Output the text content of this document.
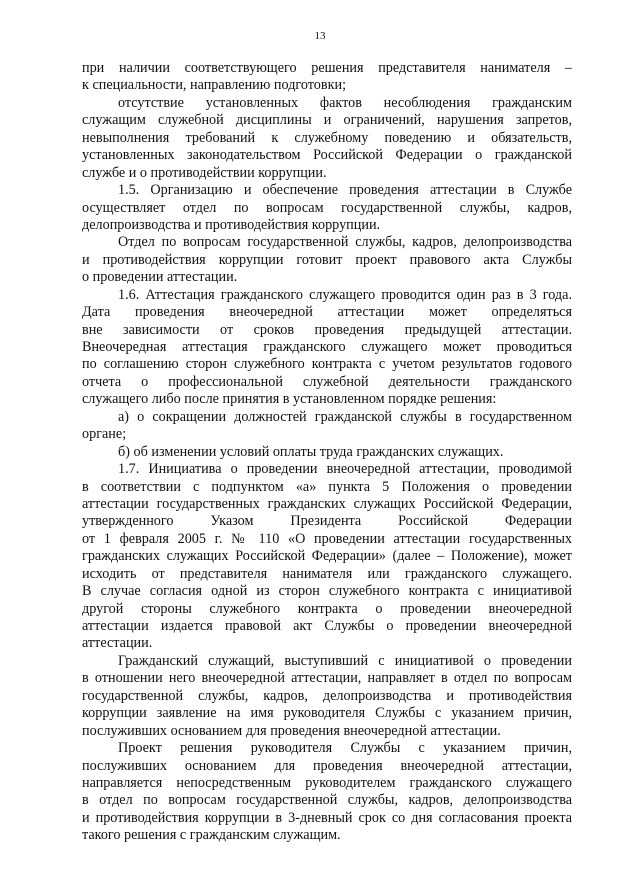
13
при наличии соответствующего решения представителя нанимателя –
к специальности, направлению подготовки;
отсутствие установленных фактов несоблюдения гражданским
служащим служебной дисциплины и ограничений, нарушения запретов,
невыполнения требований к служебному поведению и обязательств,
установленных законодательством Российской Федерации о гражданской
службе и о противодействии коррупции.
1.5. Организацию и обеспечение проведения аттестации в Службе
осуществляет отдел по вопросам государственной службы, кадров,
делопроизводства и противодействия коррупции.
Отдел по вопросам государственной службы, кадров, делопроизводства
и противодействия коррупции готовит проект правового акта Службы
о проведении аттестации.
1.6. Аттестация гражданского служащего проводится один раз в 3 года.
Дата проведения внеочередной аттестации может определяться
вне зависимости от сроков проведения предыдущей аттестации.
Внеочередная аттестация гражданского служащего может проводиться
по соглашению сторон служебного контракта с учетом результатов годового
отчета о профессиональной служебной деятельности гражданского
служащего либо после принятия в установленном порядке решения:
а) о сокращении должностей гражданской службы в государственном
органе;
б) об изменении условий оплаты труда гражданских служащих.
1.7. Инициатива о проведении внеочередной аттестации, проводимой
в соответствии с подпунктом «а» пункта 5 Положения о проведении
аттестации государственных гражданских служащих Российской Федерации,
утвержденного Указом Президента Российской Федерации
от 1 февраля 2005 г. № 110 «О проведении аттестации государственных
гражданских служащих Российской Федерации» (далее – Положение), может
исходить от представителя нанимателя или гражданского служащего.
В случае согласия одной из сторон служебного контракта с инициативой
другой стороны служебного контракта о проведении внеочередной
аттестации издается правовой акт Службы о проведении внеочередной
аттестации.
Гражданский служащий, выступивший с инициативой о проведении
в отношении него внеочередной аттестации, направляет в отдел по вопросам
государственной службы, кадров, делопроизводства и противодействия
коррупции заявление на имя руководителя Службы с указанием причин,
послуживших основанием для проведения внеочередной аттестации.
Проект решения руководителя Службы с указанием причин,
послуживших основанием для проведения внеочередной аттестации,
направляется непосредственным руководителем гражданского служащего
в отдел по вопросам государственной службы, кадров, делопроизводства
и противодействия коррупции в 3-дневный срок со дня согласования проекта
такого решения с гражданским служащим.
